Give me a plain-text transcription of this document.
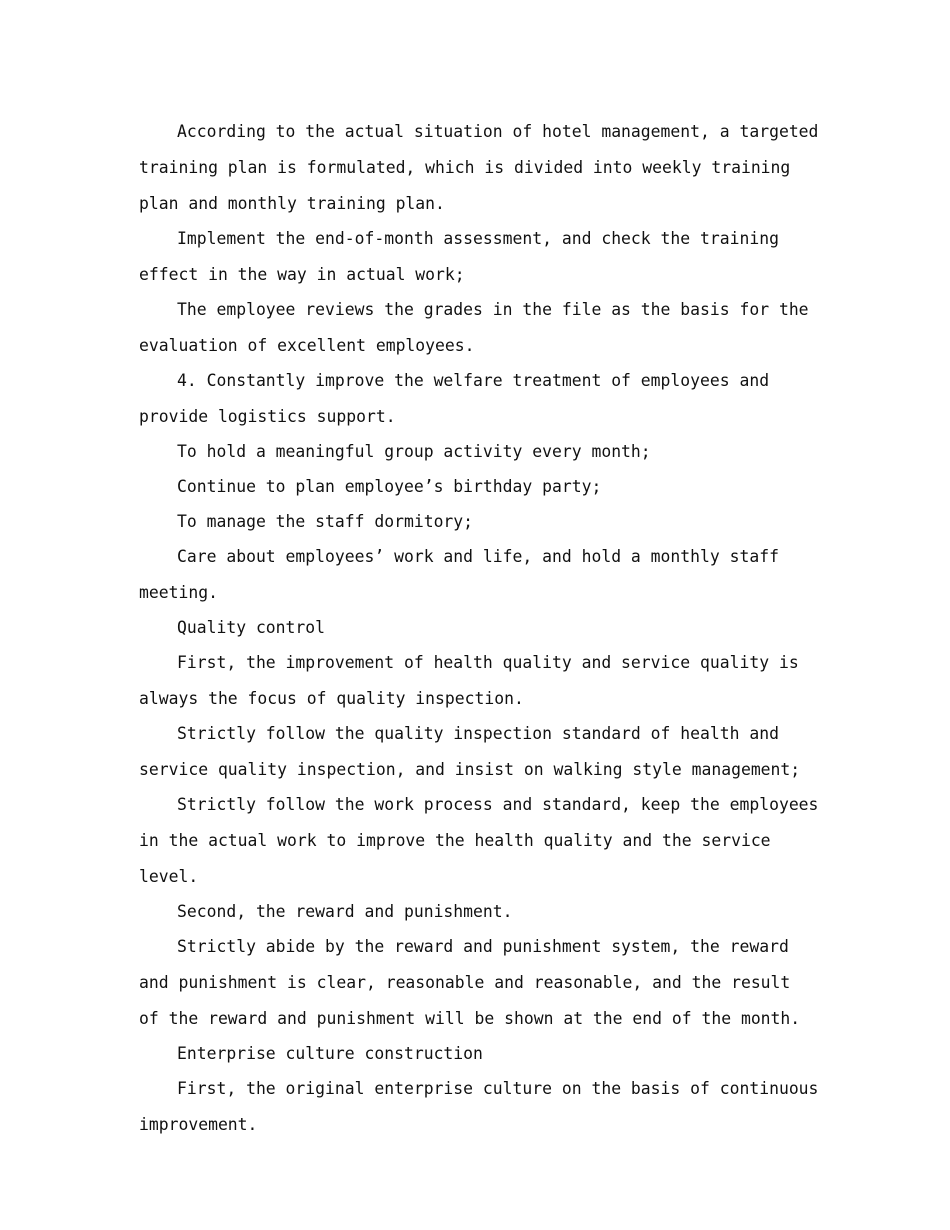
According to the actual situation of hotel management, a targeted training plan is formulated, which is divided into weekly training plan and monthly training plan.

Implement the end-of-month assessment, and check the training effect in the way in actual work;

The employee reviews the grades in the file as the basis for the evaluation of excellent employees.

4. Constantly improve the welfare treatment of employees and provide logistics support.

To hold a meaningful group activity every month;

Continue to plan employee’s birthday party;

To manage the staff dormitory;

Care about employees’ work and life, and hold a monthly staff meeting.

Quality control

First, the improvement of health quality and service quality is always the focus of quality inspection.

Strictly follow the quality inspection standard of health and service quality inspection, and insist on walking style management;

Strictly follow the work process and standard, keep the employees in the actual work to improve the health quality and the service level.

Second, the reward and punishment.

Strictly abide by the reward and punishment system, the reward and punishment is clear, reasonable and reasonable, and the result of the reward and punishment will be shown at the end of the month.

Enterprise culture construction

First, the original enterprise culture on the basis of continuous improvement.
